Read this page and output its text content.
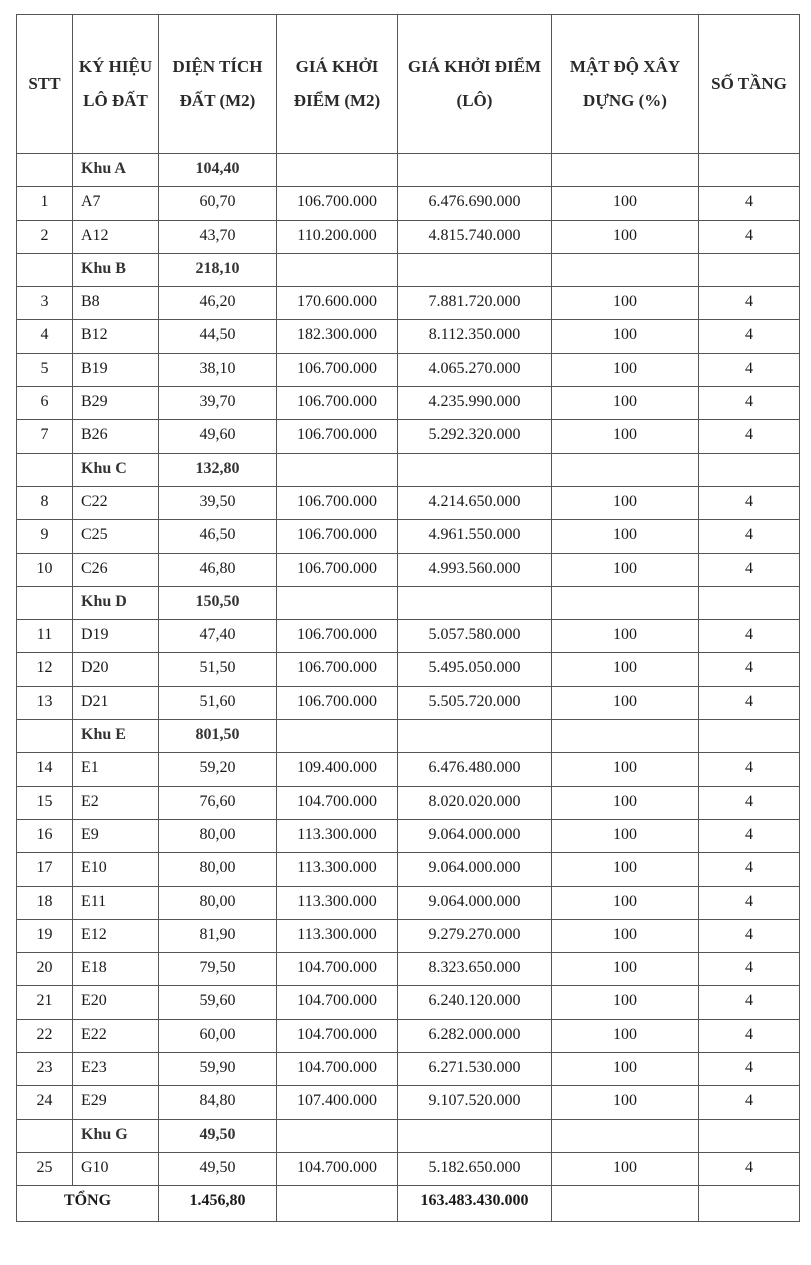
STT	KÝ HIỆU LÔ ĐẤT	DIỆN TÍCH ĐẤT (M2)	GIÁ KHỞI ĐIỂM (M2)	GIÁ KHỞI ĐIỂM (LÔ)	MẬT ĐỘ XÂY DỰNG (%)	SỐ TẦNG
	Khu A	104,40				
1	A7	60,70	106.700.000	6.476.690.000	100	4
2	A12	43,70	110.200.000	4.815.740.000	100	4
	Khu B	218,10				
3	B8	46,20	170.600.000	7.881.720.000	100	4
4	B12	44,50	182.300.000	8.112.350.000	100	4
5	B19	38,10	106.700.000	4.065.270.000	100	4
6	B29	39,70	106.700.000	4.235.990.000	100	4
7	B26	49,60	106.700.000	5.292.320.000	100	4
	Khu C	132,80				
8	C22	39,50	106.700.000	4.214.650.000	100	4
9	C25	46,50	106.700.000	4.961.550.000	100	4
10	C26	46,80	106.700.000	4.993.560.000	100	4
	Khu D	150,50				
11	D19	47,40	106.700.000	5.057.580.000	100	4
12	D20	51,50	106.700.000	5.495.050.000	100	4
13	D21	51,60	106.700.000	5.505.720.000	100	4
	Khu E	801,50				
14	E1	59,20	109.400.000	6.476.480.000	100	4
15	E2	76,60	104.700.000	8.020.020.000	100	4
16	E9	80,00	113.300.000	9.064.000.000	100	4
17	E10	80,00	113.300.000	9.064.000.000	100	4
18	E11	80,00	113.300.000	9.064.000.000	100	4
19	E12	81,90	113.300.000	9.279.270.000	100	4
20	E18	79,50	104.700.000	8.323.650.000	100	4
21	E20	59,60	104.700.000	6.240.120.000	100	4
22	E22	60,00	104.700.000	6.282.000.000	100	4
23	E23	59,90	104.700.000	6.271.530.000	100	4
24	E29	84,80	107.400.000	9.107.520.000	100	4
	Khu G	49,50				
25	G10	49,50	104.700.000	5.182.650.000	100	4
TỔNG		1.456,80		163.483.430.000		
